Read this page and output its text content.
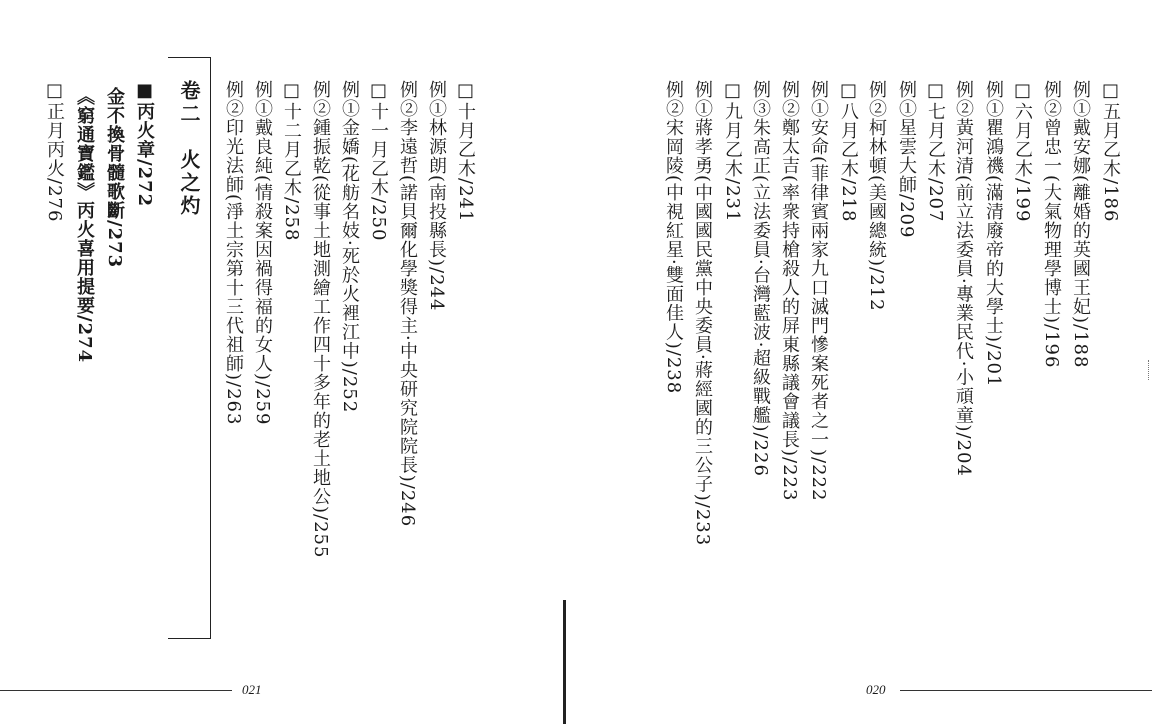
□五月乙木/186
例①戴安娜(離婚的英國王妃)/188
例②曾忠一(大氣物理學博士)/196
□六月乙木/199
例①瞿鴻禨(滿清廢帝的大學士)/201
例②黃河清(前立法委員·專業民代·小頑童)/204
□七月乙木/207
例①星雲大師/209
例②柯林頓(美國總統)/212
□八月乙木/218
例①安命(菲律賓兩家九口滅門慘案死者之一)/222
例②鄭太吉(率衆持槍殺人的屏東縣議會議長)/223
例③朱高正(立法委員·台灣藍波·超級戰艦)/226
□九月乙木/231
例①蔣孝勇(中國國民黨中央委員·蔣經國的三公子)/233
例②宋岡陵(中視紅星·雙面佳人)/238
020
□十月乙木/241
例①林源朗(南投縣長)/244
例②李遠哲(諾貝爾化學獎得主·中央研究院院長)/246
□十一月乙木/250
例①金嬌(花舫名妓·死於火裡江中)/252
例②鍾振乾(從事土地測繪工作四十多年的老土地公)/255
□十二月乙木/258
例①戴良純(情殺案因禍得福的女人)/259
例②印光法師(淨土宗第十三代祖師)/263
卷二　火之灼
■丙火章/272
金不換骨髓歌斷/273
《窮通寶鑑》丙火喜用提要/274
□正月丙火/276
021
